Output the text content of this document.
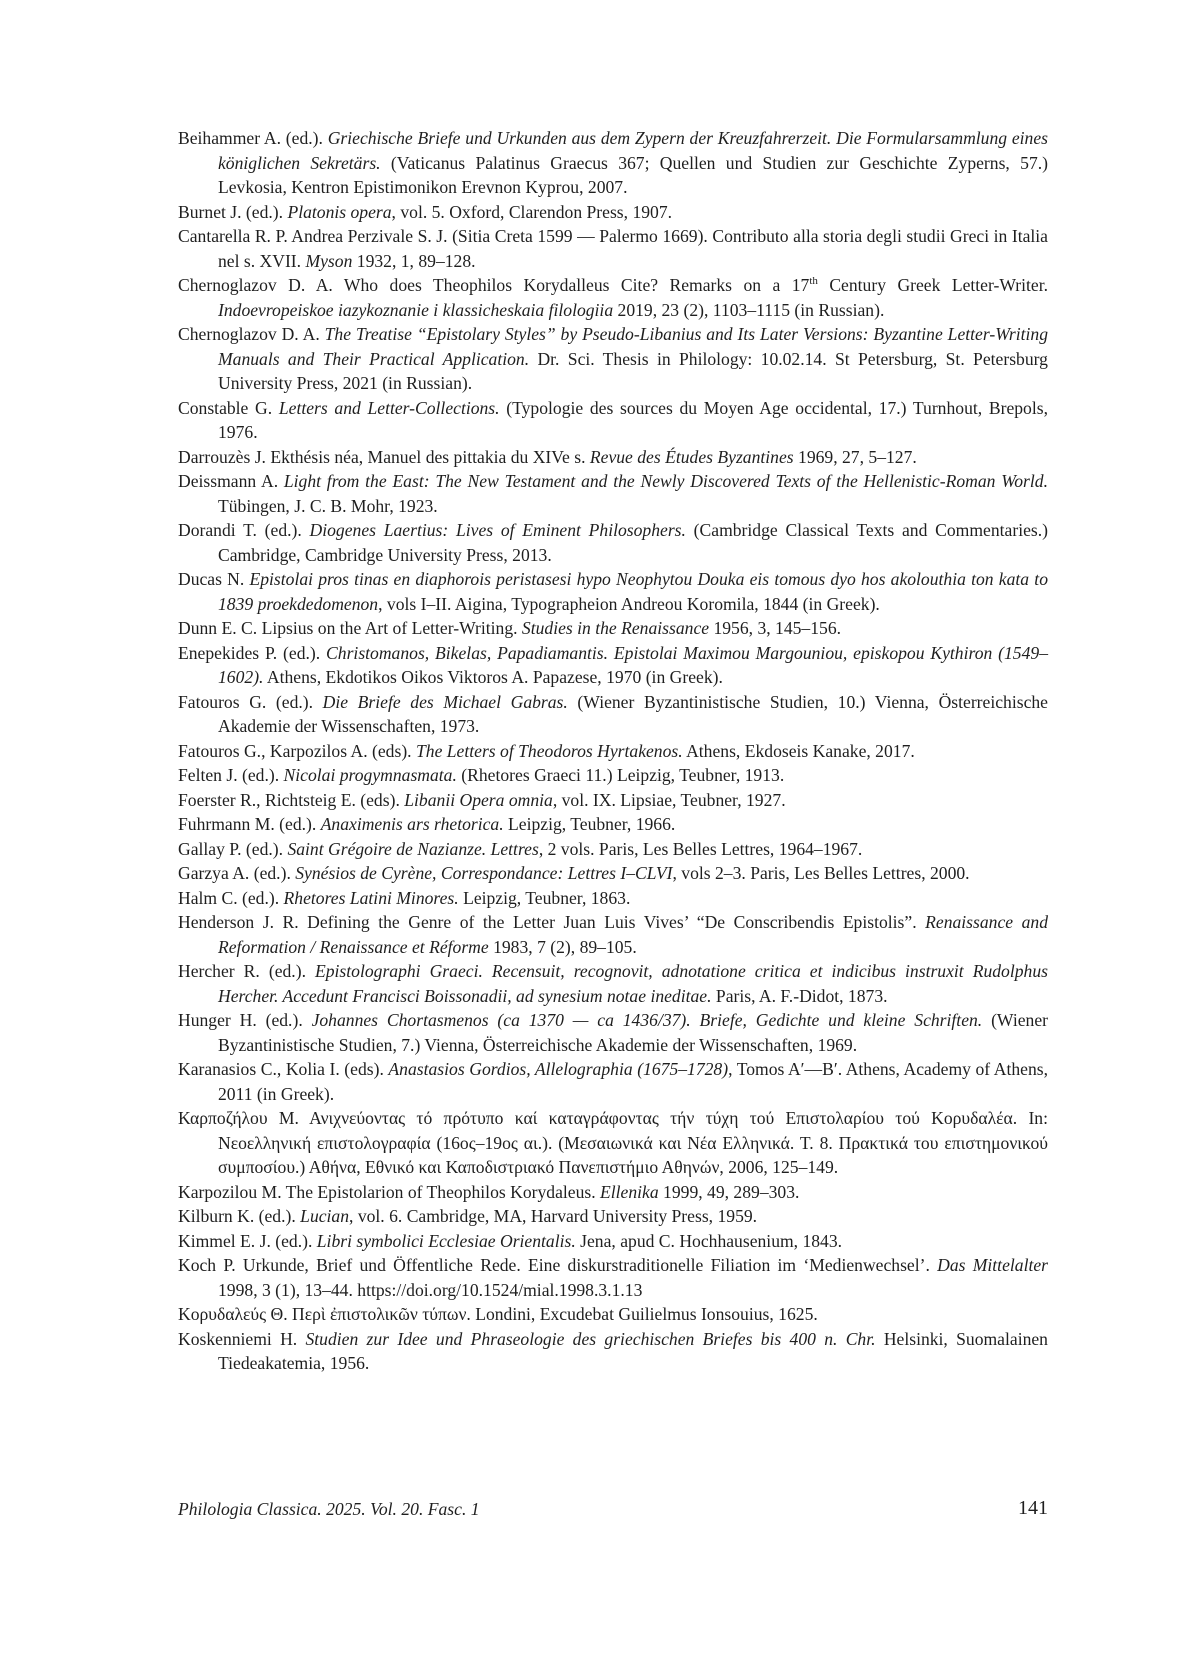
Beihammer A. (ed.). Griechische Briefe und Urkunden aus dem Zypern der Kreuzfahrerzeit. Die Formularsammlung eines königlichen Sekretärs. (Vaticanus Palatinus Graecus 367; Quellen und Studien zur Geschichte Zyperns, 57.) Levkosia, Kentron Epistimonikon Erevnon Kyprou, 2007.
Burnet J. (ed.). Platonis opera, vol. 5. Oxford, Clarendon Press, 1907.
Cantarella R. P. Andrea Perzivale S. J. (Sitia Creta 1599 — Palermo 1669). Contributo alla storia degli studii Greci in Italia nel s. XVII. Myson 1932, 1, 89–128.
Chernoglazov D. A. Who does Theophilos Korydalleus Cite? Remarks on a 17th Century Greek Letter-Writer. Indoevropeiskoe iazykoznanie i klassicheskaia filologiia 2019, 23 (2), 1103–1115 (in Russian).
Chernoglazov D. A. The Treatise “Epistolary Styles” by Pseudo-Libanius and Its Later Versions: Byzantine Letter-Writing Manuals and Their Practical Application. Dr. Sci. Thesis in Philology: 10.02.14. St Petersburg, St. Petersburg University Press, 2021 (in Russian).
Constable G. Letters and Letter-Collections. (Typologie des sources du Moyen Age occidental, 17.) Turnhout, Brepols, 1976.
Darrouzès J. Ekthésis néa, Manuel des pittakia du XIVe s. Revue des Études Byzantines 1969, 27, 5–127.
Deissmann A. Light from the East: The New Testament and the Newly Discovered Texts of the Hellenistic-Roman World. Tübingen, J. C. B. Mohr, 1923.
Dorandi T. (ed.). Diogenes Laertius: Lives of Eminent Philosophers. (Cambridge Classical Texts and Commentaries.) Cambridge, Cambridge University Press, 2013.
Ducas N. Epistolai pros tinas en diaphorois peristasesi hypo Neophytou Douka eis tomous dyo hos akolouthia ton kata to 1839 proekdedomenon, vols I–II. Aigina, Typographeion Andreou Koromila, 1844 (in Greek).
Dunn E. C. Lipsius on the Art of Letter-Writing. Studies in the Renaissance 1956, 3, 145–156.
Enepekides P. (ed.). Christomanos, Bikelas, Papadiamantis. Epistolai Maximou Margouniou, episkopou Kythiron (1549–1602). Athens, Ekdotikos Oikos Viktoros A. Papazese, 1970 (in Greek).
Fatouros G. (ed.). Die Briefe des Michael Gabras. (Wiener Byzantinistische Studien, 10.) Vienna, Österreichische Akademie der Wissenschaften, 1973.
Fatouros G., Karpozilos A. (eds). The Letters of Theodoros Hyrtakenos. Athens, Ekdoseis Kanake, 2017.
Felten J. (ed.). Nicolai progymnasmata. (Rhetores Graeci 11.) Leipzig, Teubner, 1913.
Foerster R., Richtsteig E. (eds). Libanii Opera omnia, vol. IX. Lipsiae, Teubner, 1927.
Fuhrmann M. (ed.). Anaximenis ars rhetorica. Leipzig, Teubner, 1966.
Gallay P. (ed.). Saint Grégoire de Nazianze. Lettres, 2 vols. Paris, Les Belles Lettres, 1964–1967.
Garzya A. (ed.). Synésios de Cyrène, Correspondance: Lettres I–CLVI, vols 2–3. Paris, Les Belles Lettres, 2000.
Halm C. (ed.). Rhetores Latini Minores. Leipzig, Teubner, 1863.
Henderson J. R. Defining the Genre of the Letter Juan Luis Vives’ “De Conscribendis Epistolis”. Renaissance and Reformation / Renaissance et Réforme 1983, 7 (2), 89–105.
Hercher R. (ed.). Epistolographi Graeci. Recensuit, recognovit, adnotatione critica et indicibus instruxit Rudolphus Hercher. Accedunt Francisci Boissonadii, ad synesium notae ineditae. Paris, A. F.-Didot, 1873.
Hunger H. (ed.). Johannes Chortasmenos (ca 1370 — ca 1436/37). Briefe, Gedichte und kleine Schriften. (Wiener Byzantinistische Studien, 7.) Vienna, Österreichische Akademie der Wissenschaften, 1969.
Karanasios C., Kolia I. (eds). Anastasios Gordios, Allelographia (1675–1728), Tomos A′—B′. Athens, Academy of Athens, 2011 (in Greek).
Καρποζήλου Μ. Ανιχνεύοντας τό πρότυπο καί καταγράφοντας τήν τύχη τού Επιστολαρίου τού Κορυδαλέα. In: Νεοελληνική επιστολογραφία (16ος–19ος αι.). (Μεσαιωνικά και Νέα Ελληνικά. Τ. 8. Πρακτικά του επιστημονικού συμποσίου.) Αθήνα, Εθνικό και Καποδιστριακό Πανεπιστήμιο Αθηνών, 2006, 125–149.
Karpozilou M. The Epistolarion of Theophilos Korydaleus. Ellenika 1999, 49, 289–303.
Kilburn K. (ed.). Lucian, vol. 6. Cambridge, MA, Harvard University Press, 1959.
Kimmel E. J. (ed.). Libri symbolici Ecclesiae Orientalis. Jena, apud C. Hochhausenium, 1843.
Koch P. Urkunde, Brief und Öffentliche Rede. Eine diskurstraditionelle Filiation im ‘Medienwechsel’. Das Mittelalter 1998, 3 (1), 13–44. https://doi.org/10.1524/mial.1998.3.1.13
Κορυδαλεύς Θ. Περὶ ἐπιστολικῶν τύπων. Londini, Excudebat Guilielmus Ionsouius, 1625.
Koskenniemi H. Studien zur Idee und Phraseologie des griechischen Briefes bis 400 n. Chr. Helsinki, Suomalainen Tiedeakatemia, 1956.
Philologia Classica. 2025. Vol. 20. Fasc. 1	141
